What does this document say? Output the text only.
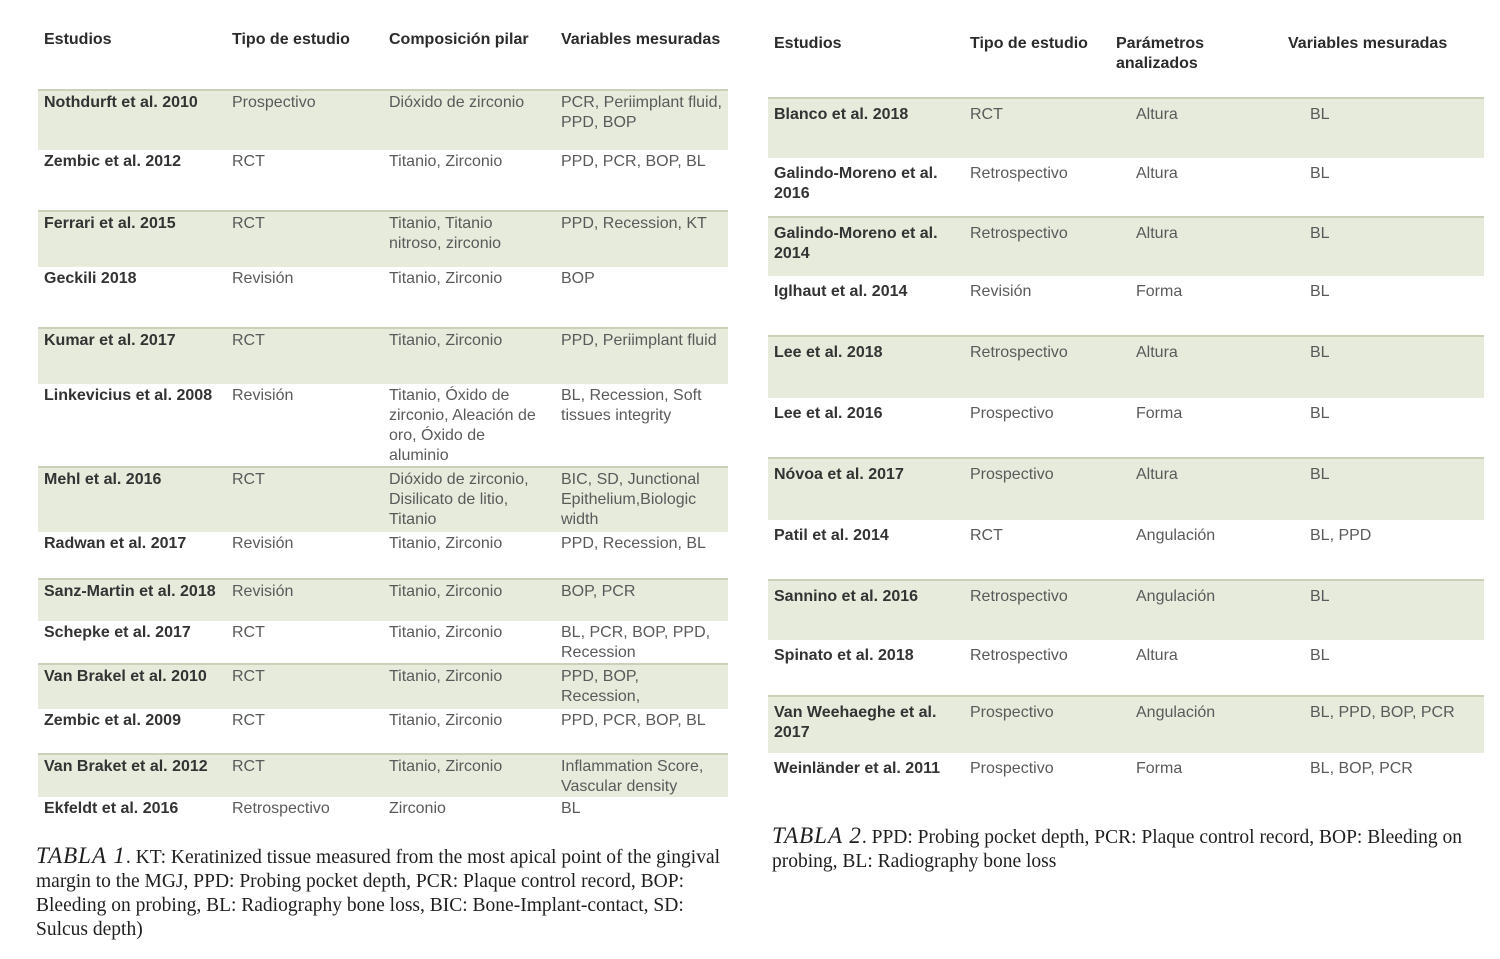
Estudios	Tipo de estudio	Composición pilar	Variables mesuradas
Nothdurft et al. 2010	Prospectivo	Dióxido de zirconio	PCR, Periimplant fluid, PPD, BOP
Zembic et al. 2012	RCT	Titanio, Zirconio	PPD, PCR, BOP, BL
Ferrari et al. 2015	RCT	Titanio, Titanio nitroso, zirconio	PPD, Recession, KT
Geckili 2018	Revisión	Titanio, Zirconio	BOP
Kumar et al. 2017	RCT	Titanio, Zirconio	PPD, Periimplant fluid
Linkevicius et al. 2008	Revisión	Titanio, Óxido de zirconio, Aleación de oro, Óxido de aluminio	BL, Recession, Soft tissues integrity
Mehl et al. 2016	RCT	Dióxido de zirconio, Disilicato de litio, Titanio	BIC, SD, Junctional Epithelium,Biologic width
Radwan et al. 2017	Revisión	Titanio, Zirconio	PPD, Recession, BL
Sanz-Martin et al. 2018	Revisión	Titanio, Zirconio	BOP, PCR
Schepke et al. 2017	RCT	Titanio, Zirconio	BL, PCR, BOP, PPD, Recession
Van Brakel et al. 2010	RCT	Titanio, Zirconio	PPD, BOP, Recession,
Zembic et al. 2009	RCT	Titanio, Zirconio	PPD, PCR, BOP, BL
Van Braket et al. 2012	RCT	Titanio, Zirconio	Inflammation Score, Vascular density
Ekfeldt et al. 2016	Retrospectivo	Zirconio	BL
Estudios	Tipo de estudio	Parámetros analizados	Variables mesuradas
Blanco et al. 2018	RCT	Altura	BL
Galindo-Moreno et al. 2016	Retrospectivo	Altura	BL
Galindo-Moreno et al. 2014	Retrospectivo	Altura	BL
Iglhaut et al. 2014	Revisión	Forma	BL
Lee et al. 2018	Retrospectivo	Altura	BL
Lee et al. 2016	Prospectivo	Forma	BL
Nóvoa et al. 2017	Prospectivo	Altura	BL
Patil et al. 2014	RCT	Angulación	BL, PPD
Sannino et al. 2016	Retrospectivo	Angulación	BL
Spinato et al. 2018	Retrospectivo	Altura	BL
Van Weehaeghe et al. 2017	Prospectivo	Angulación	BL, PPD, BOP, PCR
Weinländer et al. 2011	Prospectivo	Forma	BL, BOP, PCR
TABLA 1. KT: Keratinized tissue measured from the most apical point of the gingival margin to the MGJ, PPD: Probing pocket depth, PCR: Plaque control record, BOP: Bleeding on probing, BL: Radiography bone loss, BIC: Bone-Implant-contact, SD: Sulcus depth)
TABLA 2. PPD: Probing pocket depth, PCR: Plaque control record, BOP: Bleeding on probing, BL: Radiography bone loss
